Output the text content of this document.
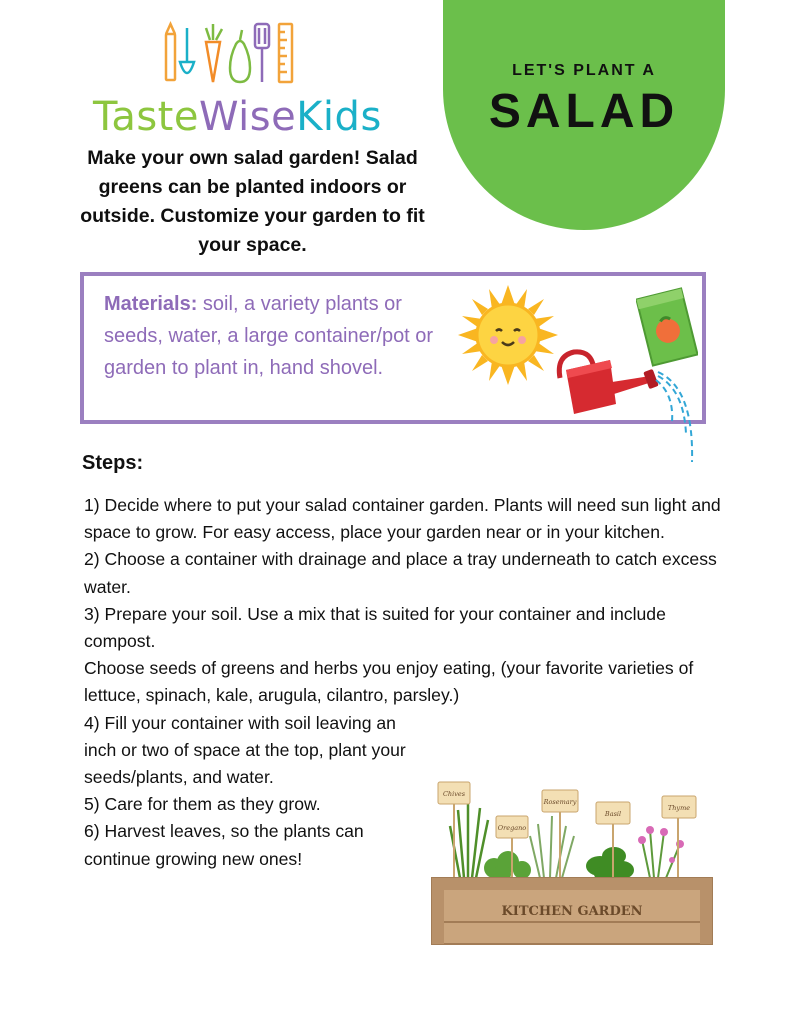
TasteWiseKids
Make your own salad garden! Salad greens can be planted indoors or outside. Customize your garden to fit your space.
LET'S PLANT A
SALAD
Materials: soil, a variety plants or seeds, water, a large container/pot or garden to plant in, hand shovel.
Steps:

1) Decide where to put your salad container garden. Plants will need sun light and space to grow. For easy access, place your garden near or in your kitchen.

2) Choose a container with drainage and place a tray underneath to catch excess water.

3) Prepare your soil. Use a mix that is suited for your container and include compost.

Choose seeds of greens and herbs you enjoy eating, (your favorite varieties of lettuce, spinach, kale, arugula, cilantro, parsley.)

4) Fill your container with soil leaving an inch or two of space at the top, plant your seeds/plants, and water.

5) Care for them as they grow.

6) Harvest leaves, so the plants can continue growing new ones!

Chives
Oregano
Rosemary
Basil
Thyme
KITCHEN GARDEN
